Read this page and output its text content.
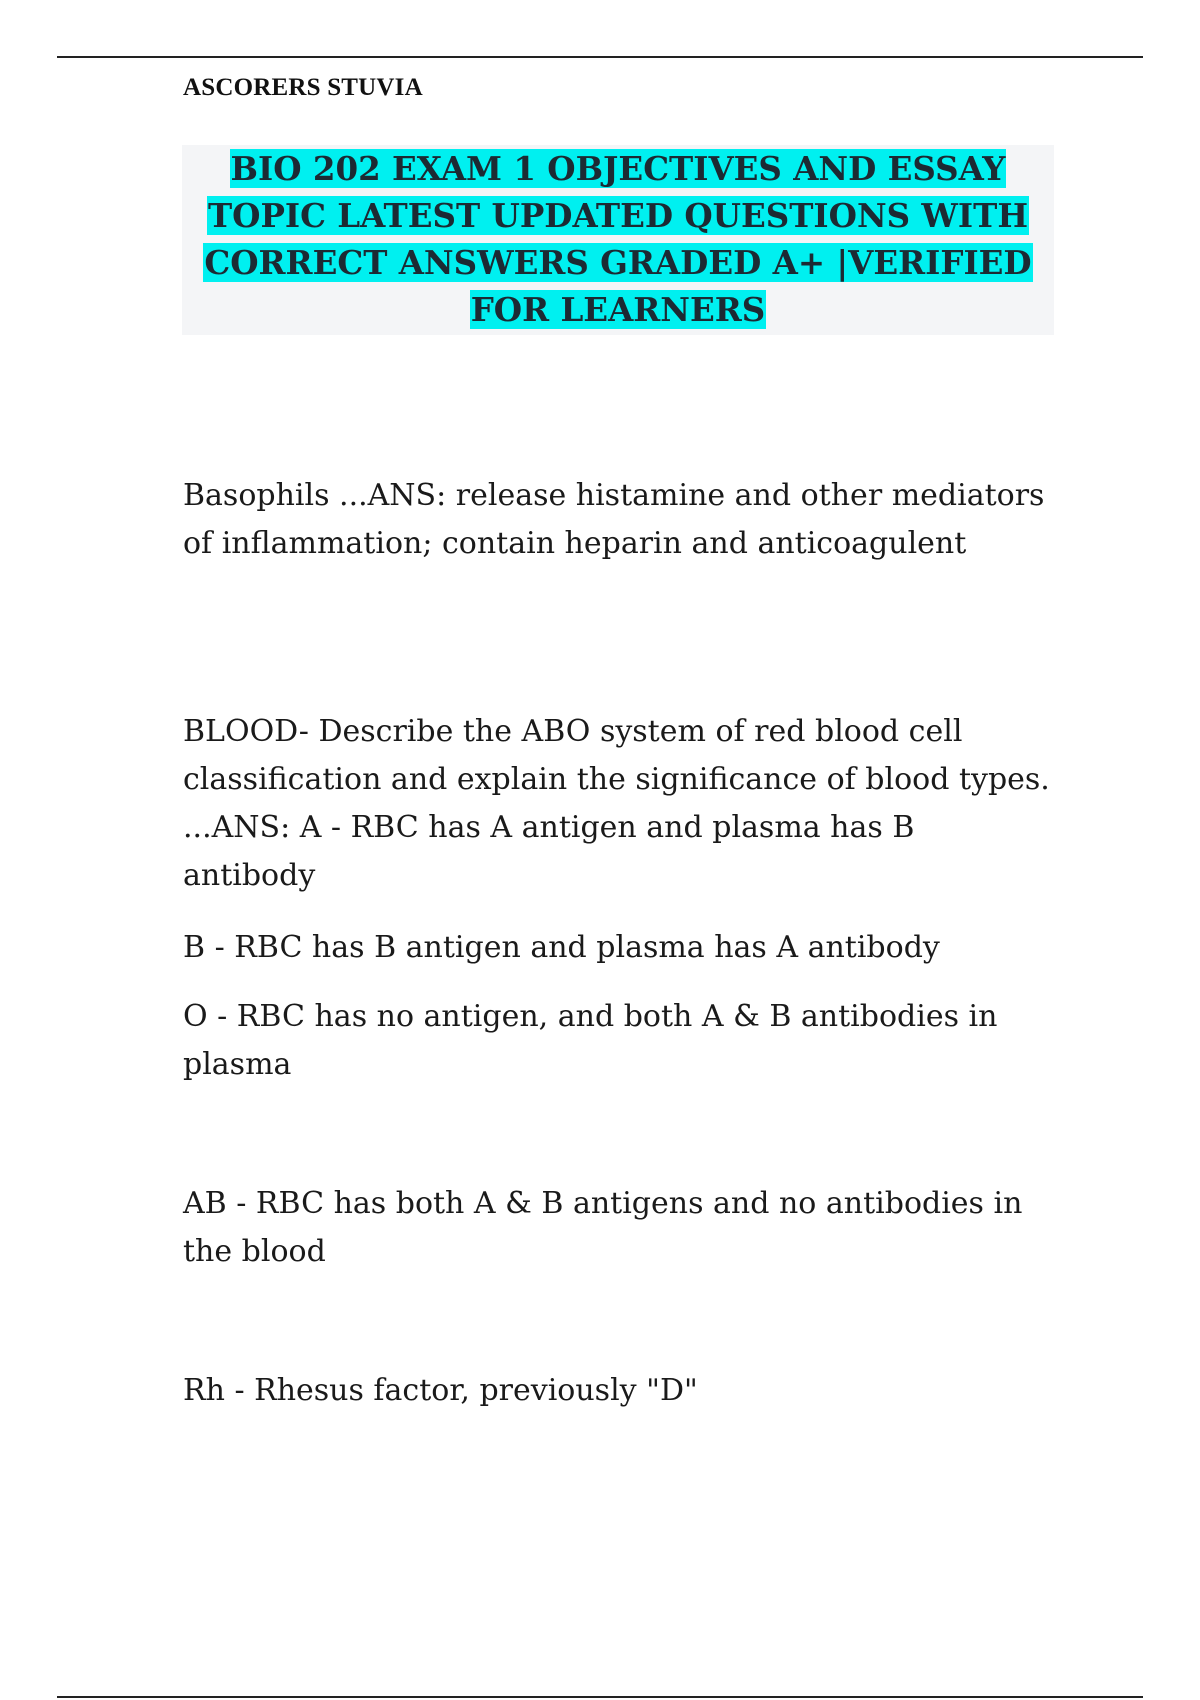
ASCORERS STUVIA
BIO 202 EXAM 1 OBJECTIVES AND ESSAY TOPIC LATEST UPDATED QUESTIONS WITH CORRECT ANSWERS GRADED A+ |VERIFIED FOR LEARNERS

Basophils ...ANS: release histamine and other mediators of inflammation; contain heparin and anticoagulent

BLOOD- Describe the ABO system of red blood cell classification and explain the significance of blood types. ...ANS: A - RBC has A antigen and plasma has B antibody

B - RBC has B antigen and plasma has A antibody

O - RBC has no antigen, and both A & B antibodies in plasma

AB - RBC has both A & B antigens and no antibodies in the blood

Rh - Rhesus factor, previously "D"
